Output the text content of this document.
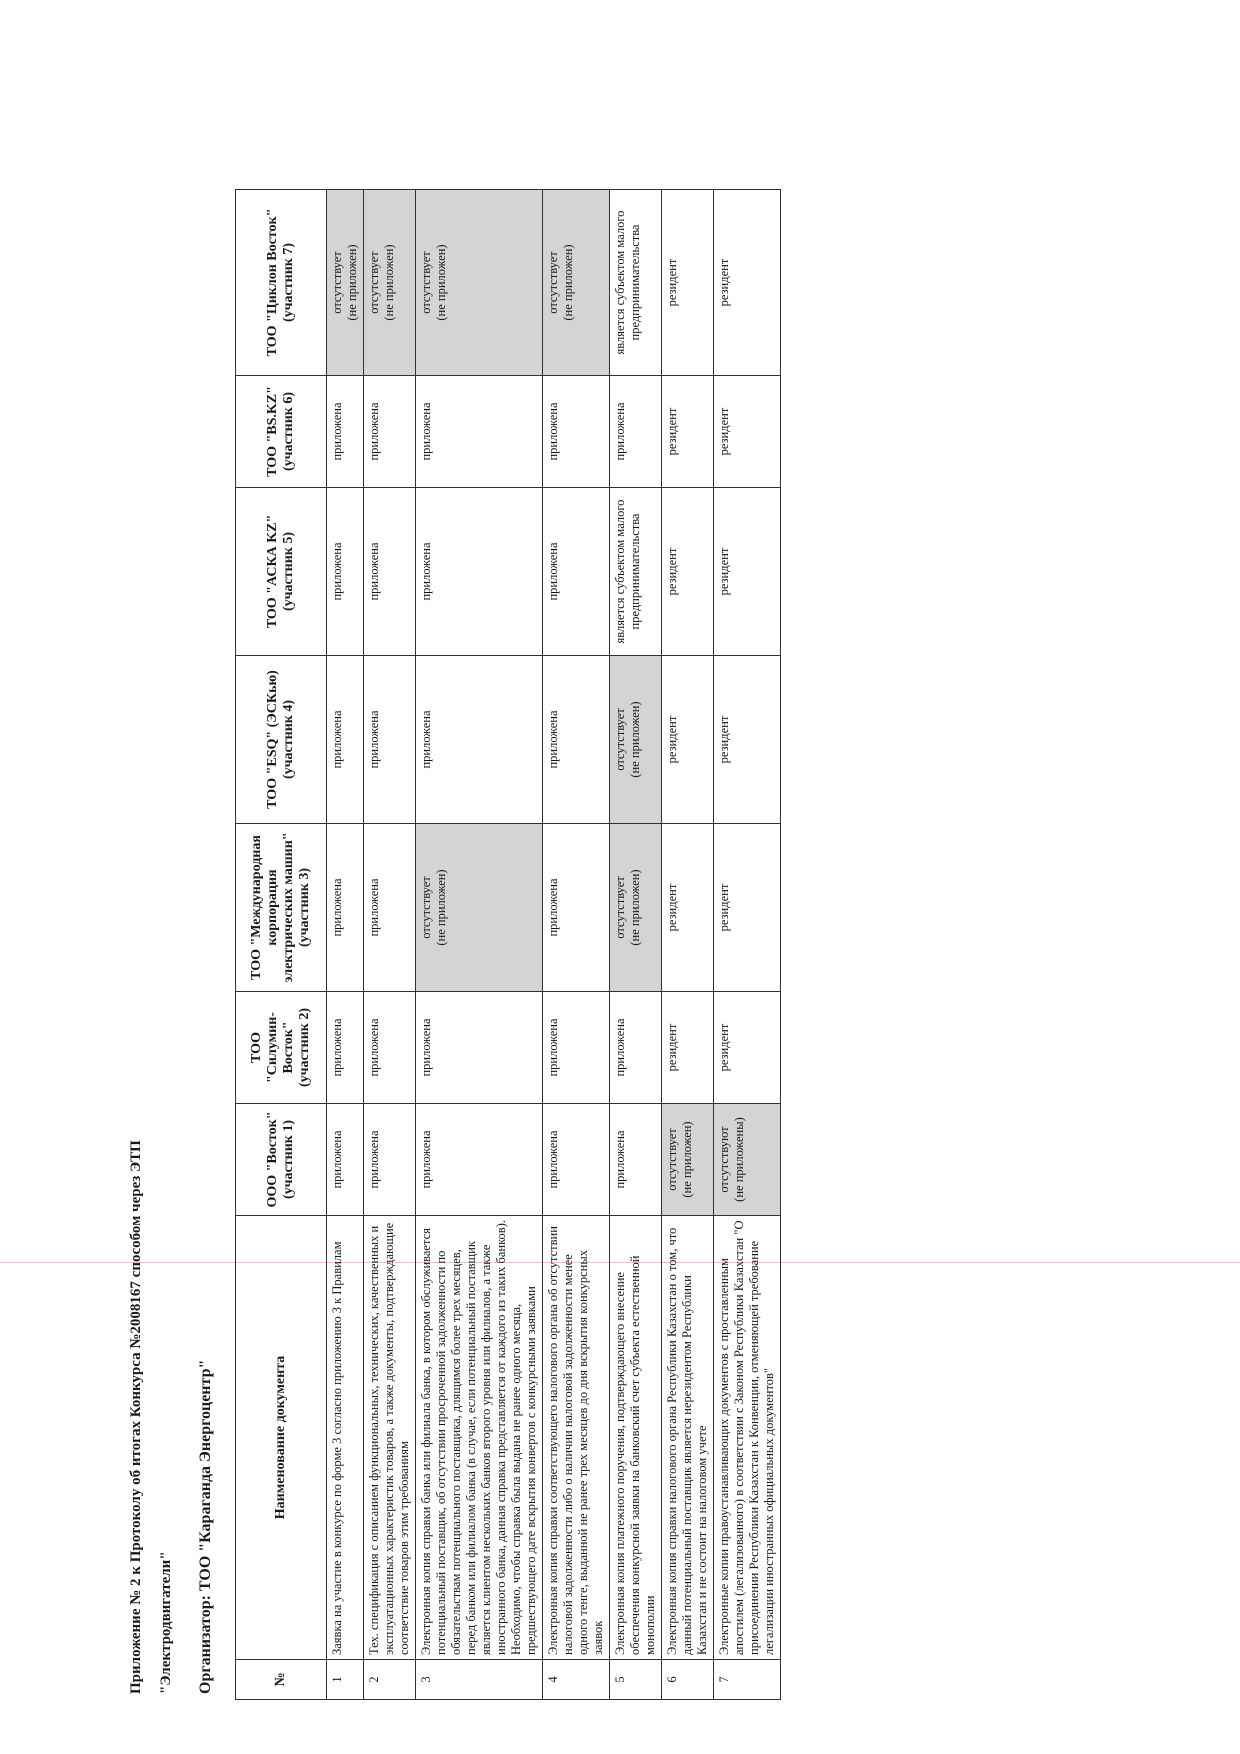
Приложение № 2 к Протоколу об итогах Конкурса №2008167 способом через ЭТП "Электродвигатели" Организатор: ТОО "Караганда Энергоцентр"	№	Наименование документа	ООО "Восток" (участник 1)	ТОО "Силумин-Восток" (участник 2)	ТОО "Международная корпорация электрических машин" (участник 3)	ТОО "ESQ" (ЭСКью) (участник 4)	ТОО "АСКА KZ" (участник 5)	ТОО "BS.KZ" (участник 6)	ТОО "Циклон Восток" (участник 7)

1	Заявка на участие в конкурсе по форме 3 согласно приложению 3 к Правилам	приложена	приложена	приложена	приложена	приложена	приложена	отсутствует (не приложен)

2	Тех. спецификация с описанием функциональных, технических, качественных и эксплуатационных характеристик товаров, а также документы, подтверждающие соответствие товаров этим требованиям	приложена	приложена	приложена	приложена	приложена	приложена	отсутствует (не приложен)

3	Электронная копия справки банка или филиала банка, в котором обслуживается потенциальный поставщик, об отсутствии просроченной задолженности по обязательствам потенциального поставщика, длящимся более трех месяцев, перед банком или филиалом банка (в случае, если потенциальный поставщик является клиентом нескольких банков второго уровня или филиалов, а также иностранного банка, данная справка представляется от каждого из таких банков). Необходимо, чтобы справка была выдана не ранее одного месяца, предшествующего дате вскрытия конвертов с конкурсными заявками	приложена	приложена	отсутствует (не приложен)	приложена	приложена	приложена	отсутствует (не приложен)

4	Электронная копия справки соответствующего налогового органа об отсутствии налоговой задолженности либо о наличии налоговой задолженности менее одного тенге, выданной не ранее трех месяцев до дня вскрытия конкурсных заявок	приложена	приложена	приложена	приложена	приложена	приложена	отсутствует (не приложен)

5	Электронная копия платежного поручения, подтверждающего внесение обеспечения конкурсной заявки на банковский счет субъекта естественной монополии	приложена	приложена	отсутствует (не приложен)	отсутствует (не приложен)	является субъектом малого предпринимательства	приложена	является субъектом малого предпринимательства

6	Электронная копия справки налогового органа Республики Казахстан о том, что данный потенциальный поставщик является нерезидентом Республики Казахстан и не состоит на налоговом учете	отсутствует (не приложен)	резидент	резидент	резидент	резидент	резидент	резидент

7	Электронные копии правоустанавливающих документов с проставленным апостилем (легализованного) в соответствии с Законом Республики Казахстан "О присоединении Республики Казахстан к Конвенции, отменяющей требование легализации иностранных официальных документов"	отсутствуют (не приложены)	резидент	резидент	резидент	резидент	резидент	резидент
